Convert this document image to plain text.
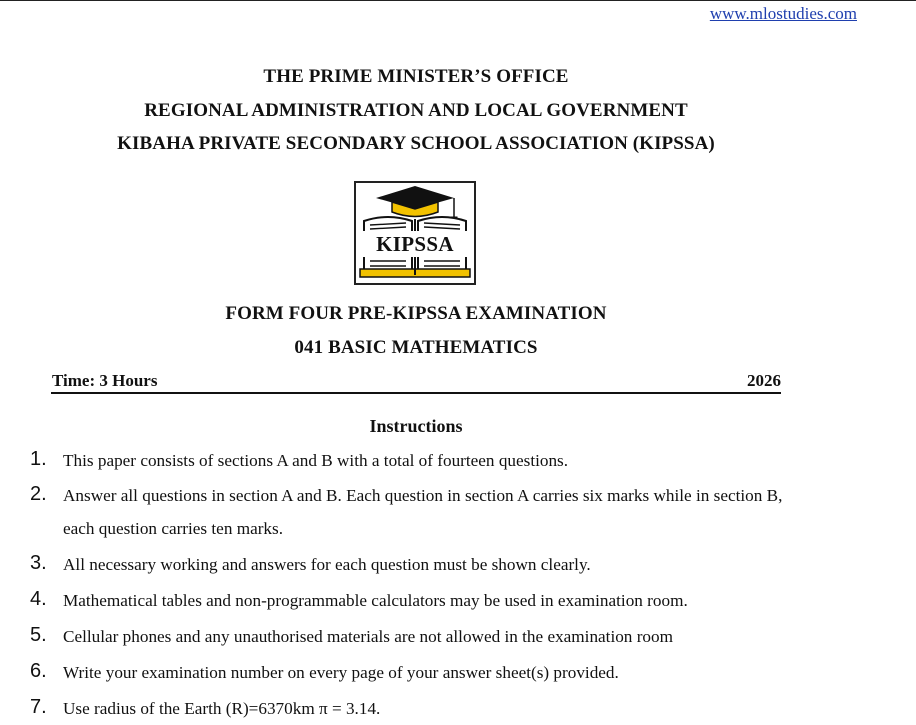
www.mlostudies.com
THE PRIME MINISTER’S OFFICE
REGIONAL ADMINISTRATION AND LOCAL GOVERNMENT
KIBAHA PRIVATE SECONDARY SCHOOL ASSOCIATION (KIPSSA)
KIPSSA
FORM FOUR PRE-KIPSSA EXAMINATION
041 BASIC MATHEMATICS
Time: 3 Hours	2026
Instructions
1. This paper consists of sections A and B with a total of fourteen questions.
2. Answer all questions in section A and B. Each question in section A carries six marks while in section B, each question carries ten marks.
3. All necessary working and answers for each question must be shown clearly.
4. Mathematical tables and non-programmable calculators may be used in examination room.
5. Cellular phones and any unauthorised materials are not allowed in the examination room
6. Write your examination number on every page of your answer sheet(s) provided.
7. Use radius of the Earth (R)=6370km π = 3.14.
